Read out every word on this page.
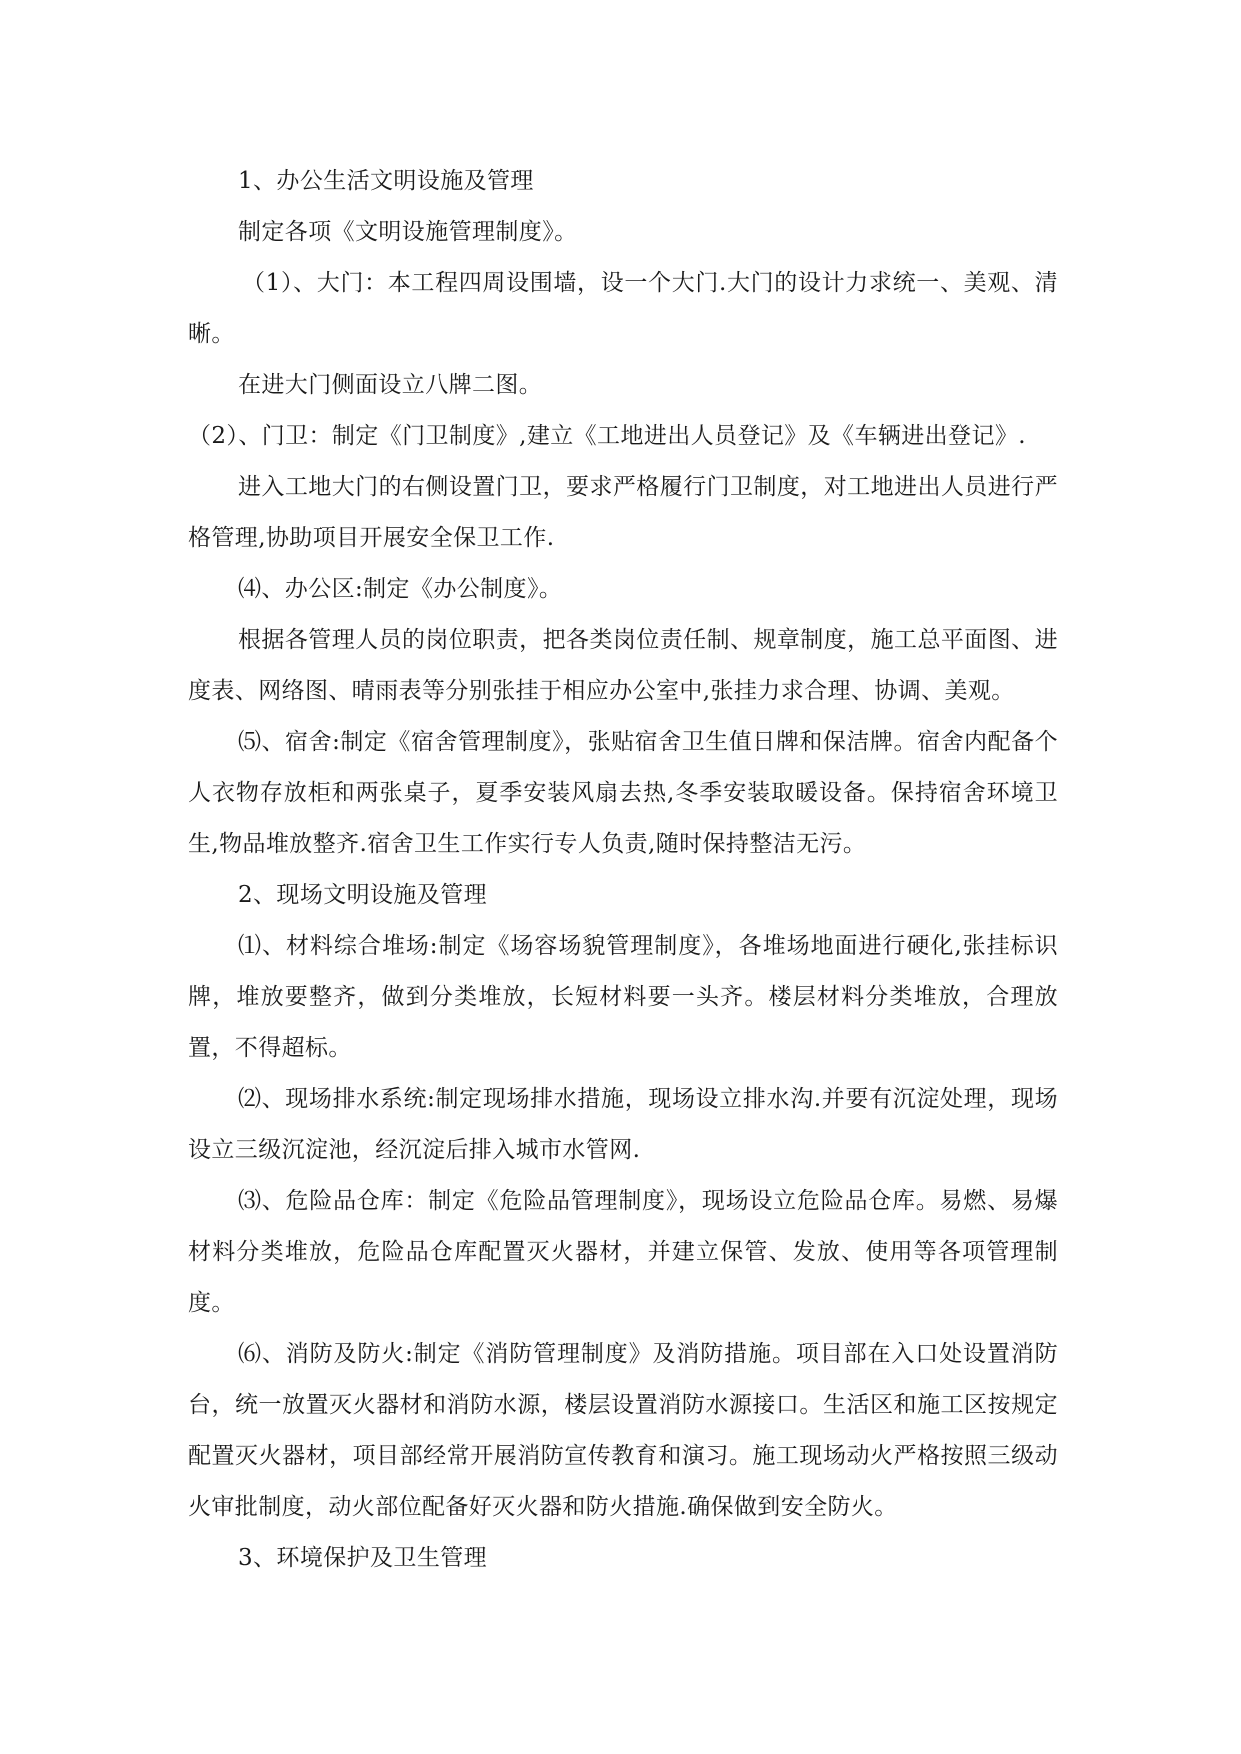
1、办公生活文明设施及管理

制定各项《文明设施管理制度》。

（1）、大门：本工程四周设围墙，设一个大门.大门的设计力求统一、美观、清晰。

在进大门侧面设立八牌二图。

（2）、门卫：制定《门卫制度》,建立《工地进出人员登记》及《车辆进出登记》.

进入工地大门的右侧设置门卫，要求严格履行门卫制度，对工地进出人员进行严格管理,协助项目开展安全保卫工作.

⑷、办公区:制定《办公制度》。

根据各管理人员的岗位职责，把各类岗位责任制、规章制度，施工总平面图、进度表、网络图、晴雨表等分别张挂于相应办公室中,张挂力求合理、协调、美观。

⑸、宿舍:制定《宿舍管理制度》，张贴宿舍卫生值日牌和保洁牌。宿舍内配备个人衣物存放柜和两张桌子，夏季安装风扇去热,冬季安装取暖设备。保持宿舍环境卫生,物品堆放整齐.宿舍卫生工作实行专人负责,随时保持整洁无污。

2、现场文明设施及管理

⑴、材料综合堆场:制定《场容场貌管理制度》，各堆场地面进行硬化,张挂标识牌，堆放要整齐，做到分类堆放，长短材料要一头齐。楼层材料分类堆放，合理放置，不得超标。

⑵、现场排水系统:制定现场排水措施，现场设立排水沟.并要有沉淀处理，现场设立三级沉淀池，经沉淀后排入城市水管网.

⑶、危险品仓库：制定《危险品管理制度》，现场设立危险品仓库。易燃、易爆材料分类堆放，危险品仓库配置灭火器材，并建立保管、发放、使用等各项管理制度。

⑹、消防及防火:制定《消防管理制度》及消防措施。项目部在入口处设置消防台，统一放置灭火器材和消防水源，楼层设置消防水源接口。生活区和施工区按规定配置灭火器材，项目部经常开展消防宣传教育和演习。施工现场动火严格按照三级动火审批制度，动火部位配备好灭火器和防火措施.确保做到安全防火。

3、环境保护及卫生管理
